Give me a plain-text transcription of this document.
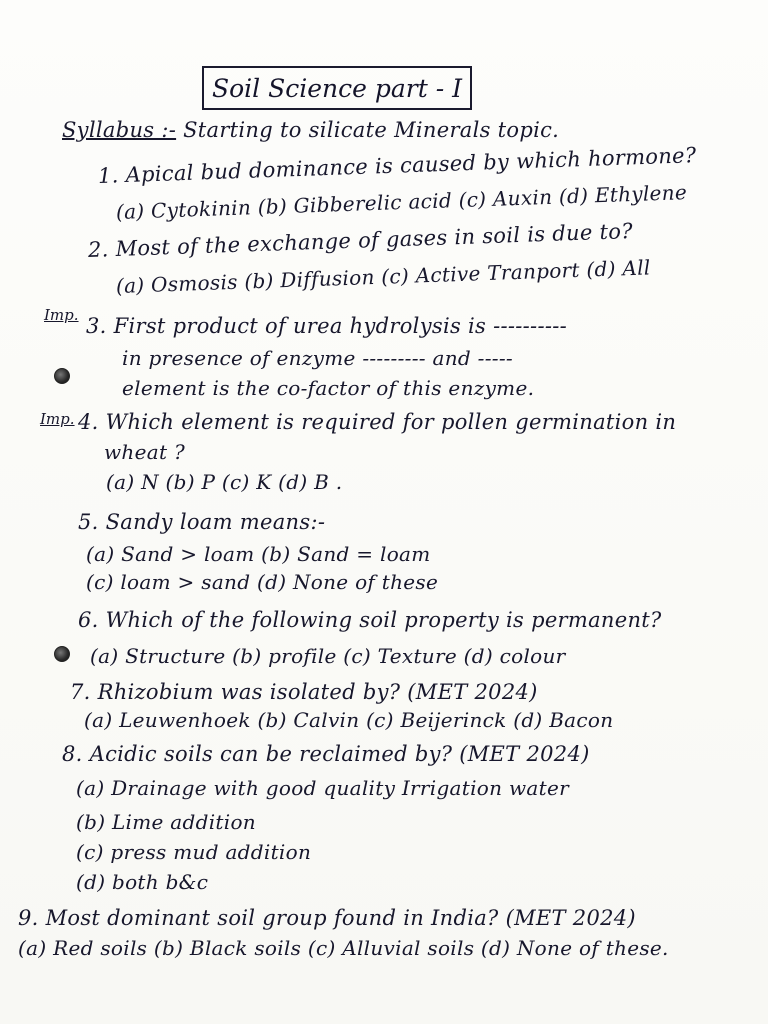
Soil Science part - I
Syllabus :- Starting to silicate Minerals topic.
1. Apical bud dominance is caused by which hormone?
(a) Cytokinin (b) Gibberelic acid (c) Auxin (d) Ethylene
2. Most of the exchange of gases in soil is due to?
(a) Osmosis (b) Diffusion (c) Active Tranport (d) All
Imp. 3. First product of urea hydrolysis is ----------
in presence of enzyme --------- and -----
element is the co-factor of this enzyme.
Imp. 4. Which element is required for pollen germination in
wheat ?
(a) N (b) P (c) K (d) B .
5. Sandy loam means:-
(a) Sand > loam (b) Sand = loam
(c) loam > sand (d) None of these
6. Which of the following soil property is permanent?
(a) Structure (b) profile (c) Texture (d) colour
7. Rhizobium was isolated by? (MET 2024)
(a) Leuwenhoek (b) Calvin (c) Beijerinck (d) Bacon
8. Acidic soils can be reclaimed by? (MET 2024)
(a) Drainage with good quality Irrigation water
(b) Lime addition
(c) press mud addition
(d) both b&c
9. Most dominant soil group found in India? (MET 2024)
(a) Red soils (b) Black soils (c) Alluvial soils (d) None of these.
